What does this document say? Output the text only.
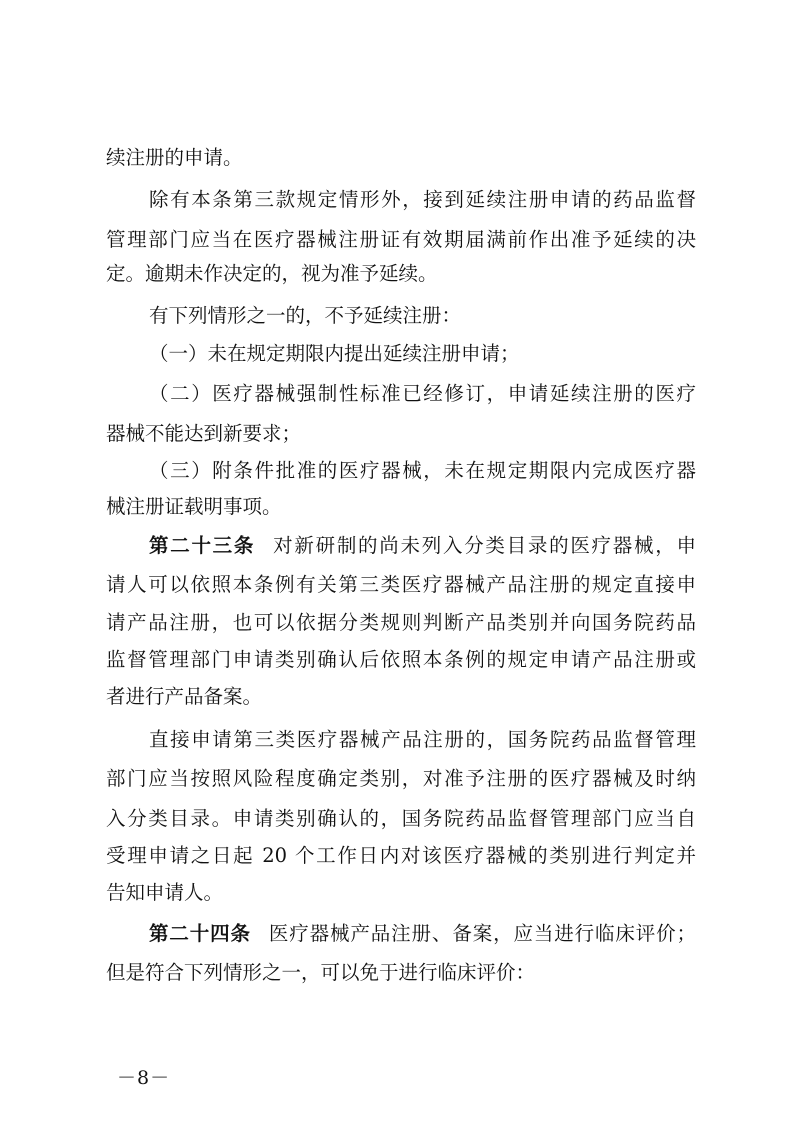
续注册的申请。
除有本条第三款规定情形外，接到延续注册申请的药品监督
管理部门应当在医疗器械注册证有效期届满前作出准予延续的决
定。逾期未作决定的，视为准予延续。
有下列情形之一的，不予延续注册：
（一）未在规定期限内提出延续注册申请；
（二）医疗器械强制性标准已经修订，申请延续注册的医疗
器械不能达到新要求；
（三）附条件批准的医疗器械，未在规定期限内完成医疗器
械注册证载明事项。
第二十三条 对新研制的尚未列入分类目录的医疗器械，申
请人可以依照本条例有关第三类医疗器械产品注册的规定直接申
请产品注册，也可以依据分类规则判断产品类别并向国务院药品
监督管理部门申请类别确认后依照本条例的规定申请产品注册或
者进行产品备案。
直接申请第三类医疗器械产品注册的，国务院药品监督管理
部门应当按照风险程度确定类别，对准予注册的医疗器械及时纳
入分类目录。申请类别确认的，国务院药品监督管理部门应当自
受理申请之日起 20 个工作日内对该医疗器械的类别进行判定并
告知申请人。
第二十四条 医疗器械产品注册、备案，应当进行临床评价；
但是符合下列情形之一，可以免于进行临床评价：
－8－
